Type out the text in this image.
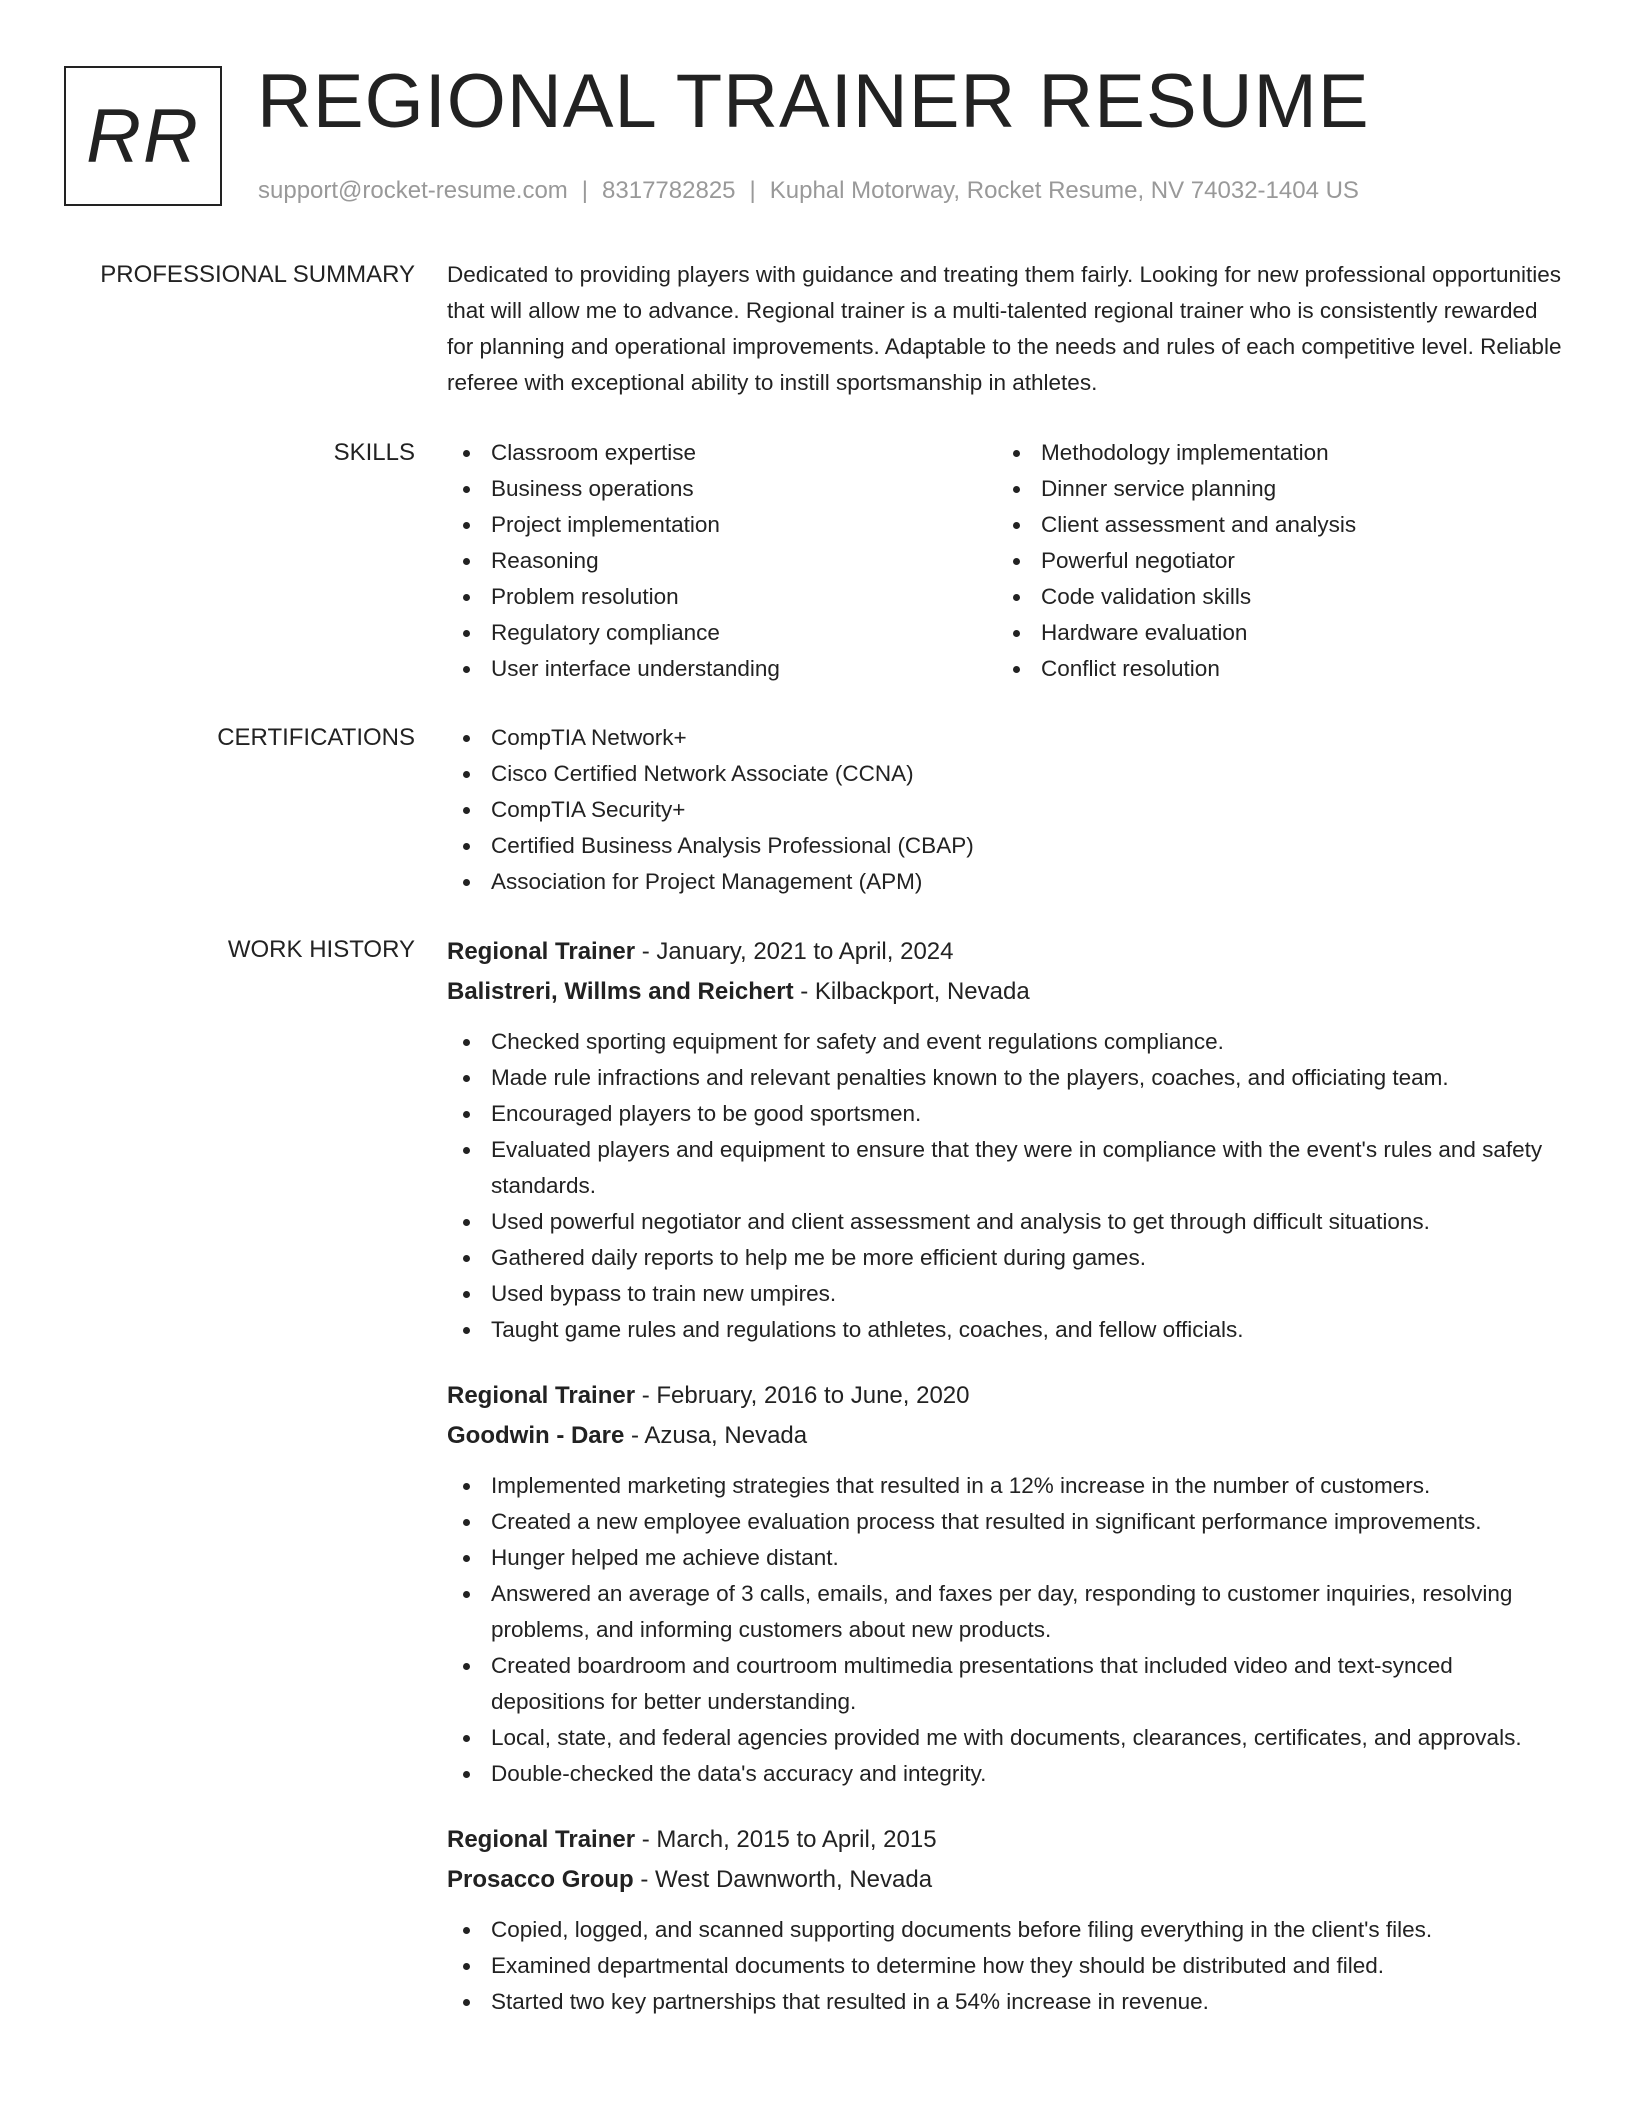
RR REGIONAL TRAINER RESUME
support@rocket-resume.com | 8317782825 | Kuphal Motorway, Rocket Resume, NV 74032-1404 US
PROFESSIONAL SUMMARY Dedicated to providing players with guidance and treating them fairly. Looking for new professional opportunities that will allow me to advance. Regional trainer is a multi-talented regional trainer who is consistently rewarded for planning and operational improvements. Adaptable to the needs and rules of each competitive level. Reliable referee with exceptional ability to instill sportsmanship in athletes.

SKILLS	Classroom expertise
Business operations
Project implementation
Reasoning
Problem resolution
Regulatory compliance
User interface understanding
Methodology implementation
Dinner service planning
Client assessment and analysis
Powerful negotiator
Code validation skills
Hardware evaluation
Conflict resolution
CERTIFICATIONS	CompTIA Network+
Cisco Certified Network Associate (CCNA)
CompTIA Security+
Certified Business Analysis Professional (CBAP)
Association for Project Management (APM)
WORK HISTORY Regional Trainer - January, 2021 to April, 2024
Balistreri, Willms and Reichert - Kilbackport, Nevada
Checked sporting equipment for safety and event regulations compliance.
Made rule infractions and relevant penalties known to the players, coaches, and officiating team.
Encouraged players to be good sportsmen.
Evaluated players and equipment to ensure that they were in compliance with the event's rules and safety standards.
Used powerful negotiator and client assessment and analysis to get through difficult situations.
Gathered daily reports to help me be more efficient during games.
Used bypass to train new umpires.
Taught game rules and regulations to athletes, coaches, and fellow officials.
Regional Trainer - February, 2016 to June, 2020
Goodwin - Dare - Azusa, Nevada
Implemented marketing strategies that resulted in a 12% increase in the number of customers.
Created a new employee evaluation process that resulted in significant performance improvements.
Hunger helped me achieve distant.
Answered an average of 3 calls, emails, and faxes per day, responding to customer inquiries, resolving problems, and informing customers about new products.
Created boardroom and courtroom multimedia presentations that included video and text-synced depositions for better understanding.
Local, state, and federal agencies provided me with documents, clearances, certificates, and approvals.
Double-checked the data's accuracy and integrity.
Regional Trainer - March, 2015 to April, 2015
Prosacco Group - West Dawnworth, Nevada
Copied, logged, and scanned supporting documents before filing everything in the client's files.
Examined departmental documents to determine how they should be distributed and filed.
Started two key partnerships that resulted in a 54% increase in revenue.
